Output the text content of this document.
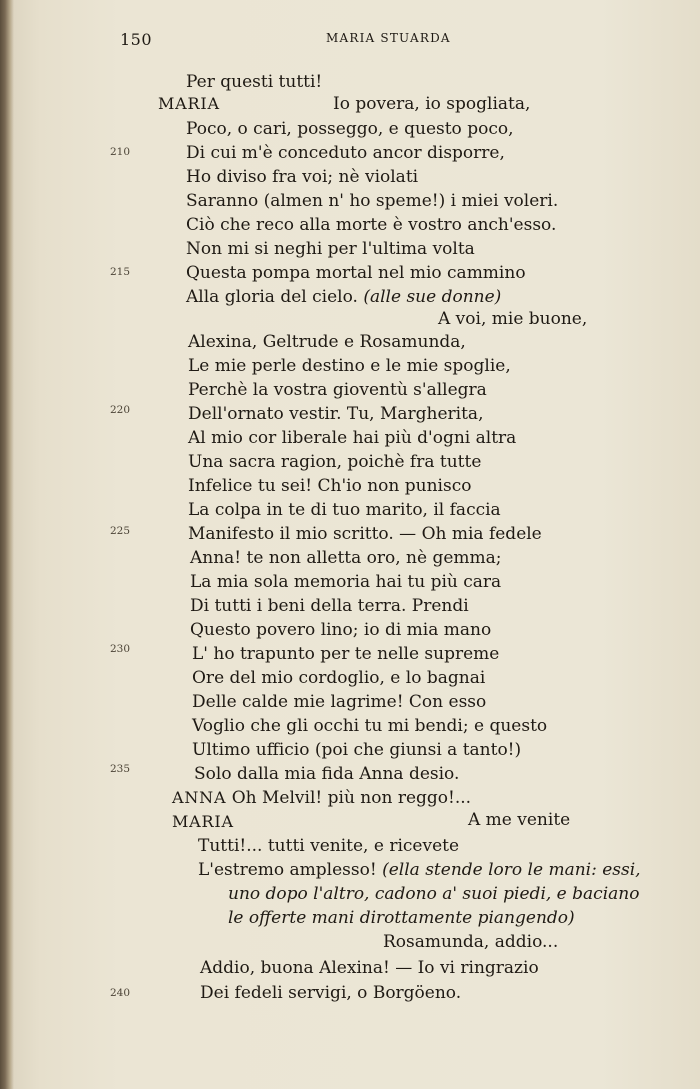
150	MARIA STUARDA
210
215
220
225
230
235
240
Per questi tutti!
MARIA	Io povera, io spogliata,
Poco, o cari, posseggo, e questo poco,
Di cui m'è conceduto ancor disporre,
Ho diviso fra voi; nè violati
Saranno (almen n' ho speme!) i miei voleri.
Ciò che reco alla morte è vostro anch'esso.
Non mi si neghi per l'ultima volta
Questa pompa mortal nel mio cammino
Alla gloria del cielo. (alle sue donne)
A voi, mie buone,
Alexina, Geltrude e Rosamunda,
Le mie perle destino e le mie spoglie,
Perchè la vostra gioventù s'allegra
Dell'ornato vestir. Tu, Margherita,
Al mio cor liberale hai più d'ogni altra
Una sacra ragion, poichè fra tutte
Infelice tu sei! Ch'io non punisco
La colpa in te di tuo marito, il faccia
Manifesto il mio scritto. — Oh mia fedele
Anna! te non alletta oro, nè gemma;
La mia sola memoria hai tu più cara
Di tutti i beni della terra. Prendi
Questo povero lino; io di mia mano
L' ho trapunto per te nelle supreme
Ore del mio cordoglio, e lo bagnai
Delle calde mie lagrime! Con esso
Voglio che gli occhi tu mi bendi; e questo
Ultimo ufficio (poi che giunsi a tanto!)
Solo dalla mia fida Anna desio.
ANNA Oh Melvil! più non reggo!...
MARIA	A me venite
Tutti!... tutti venite, e ricevete
L'estremo amplesso! (ella stende loro le mani: essi,
uno dopo l'altro, cadono a' suoi piedi, e baciano
le offerte mani dirottamente piangendo)
Rosamunda, addio...
Addio, buona Alexina! — Io vi ringrazio
Dei fedeli servigi, o Borgöeno.
